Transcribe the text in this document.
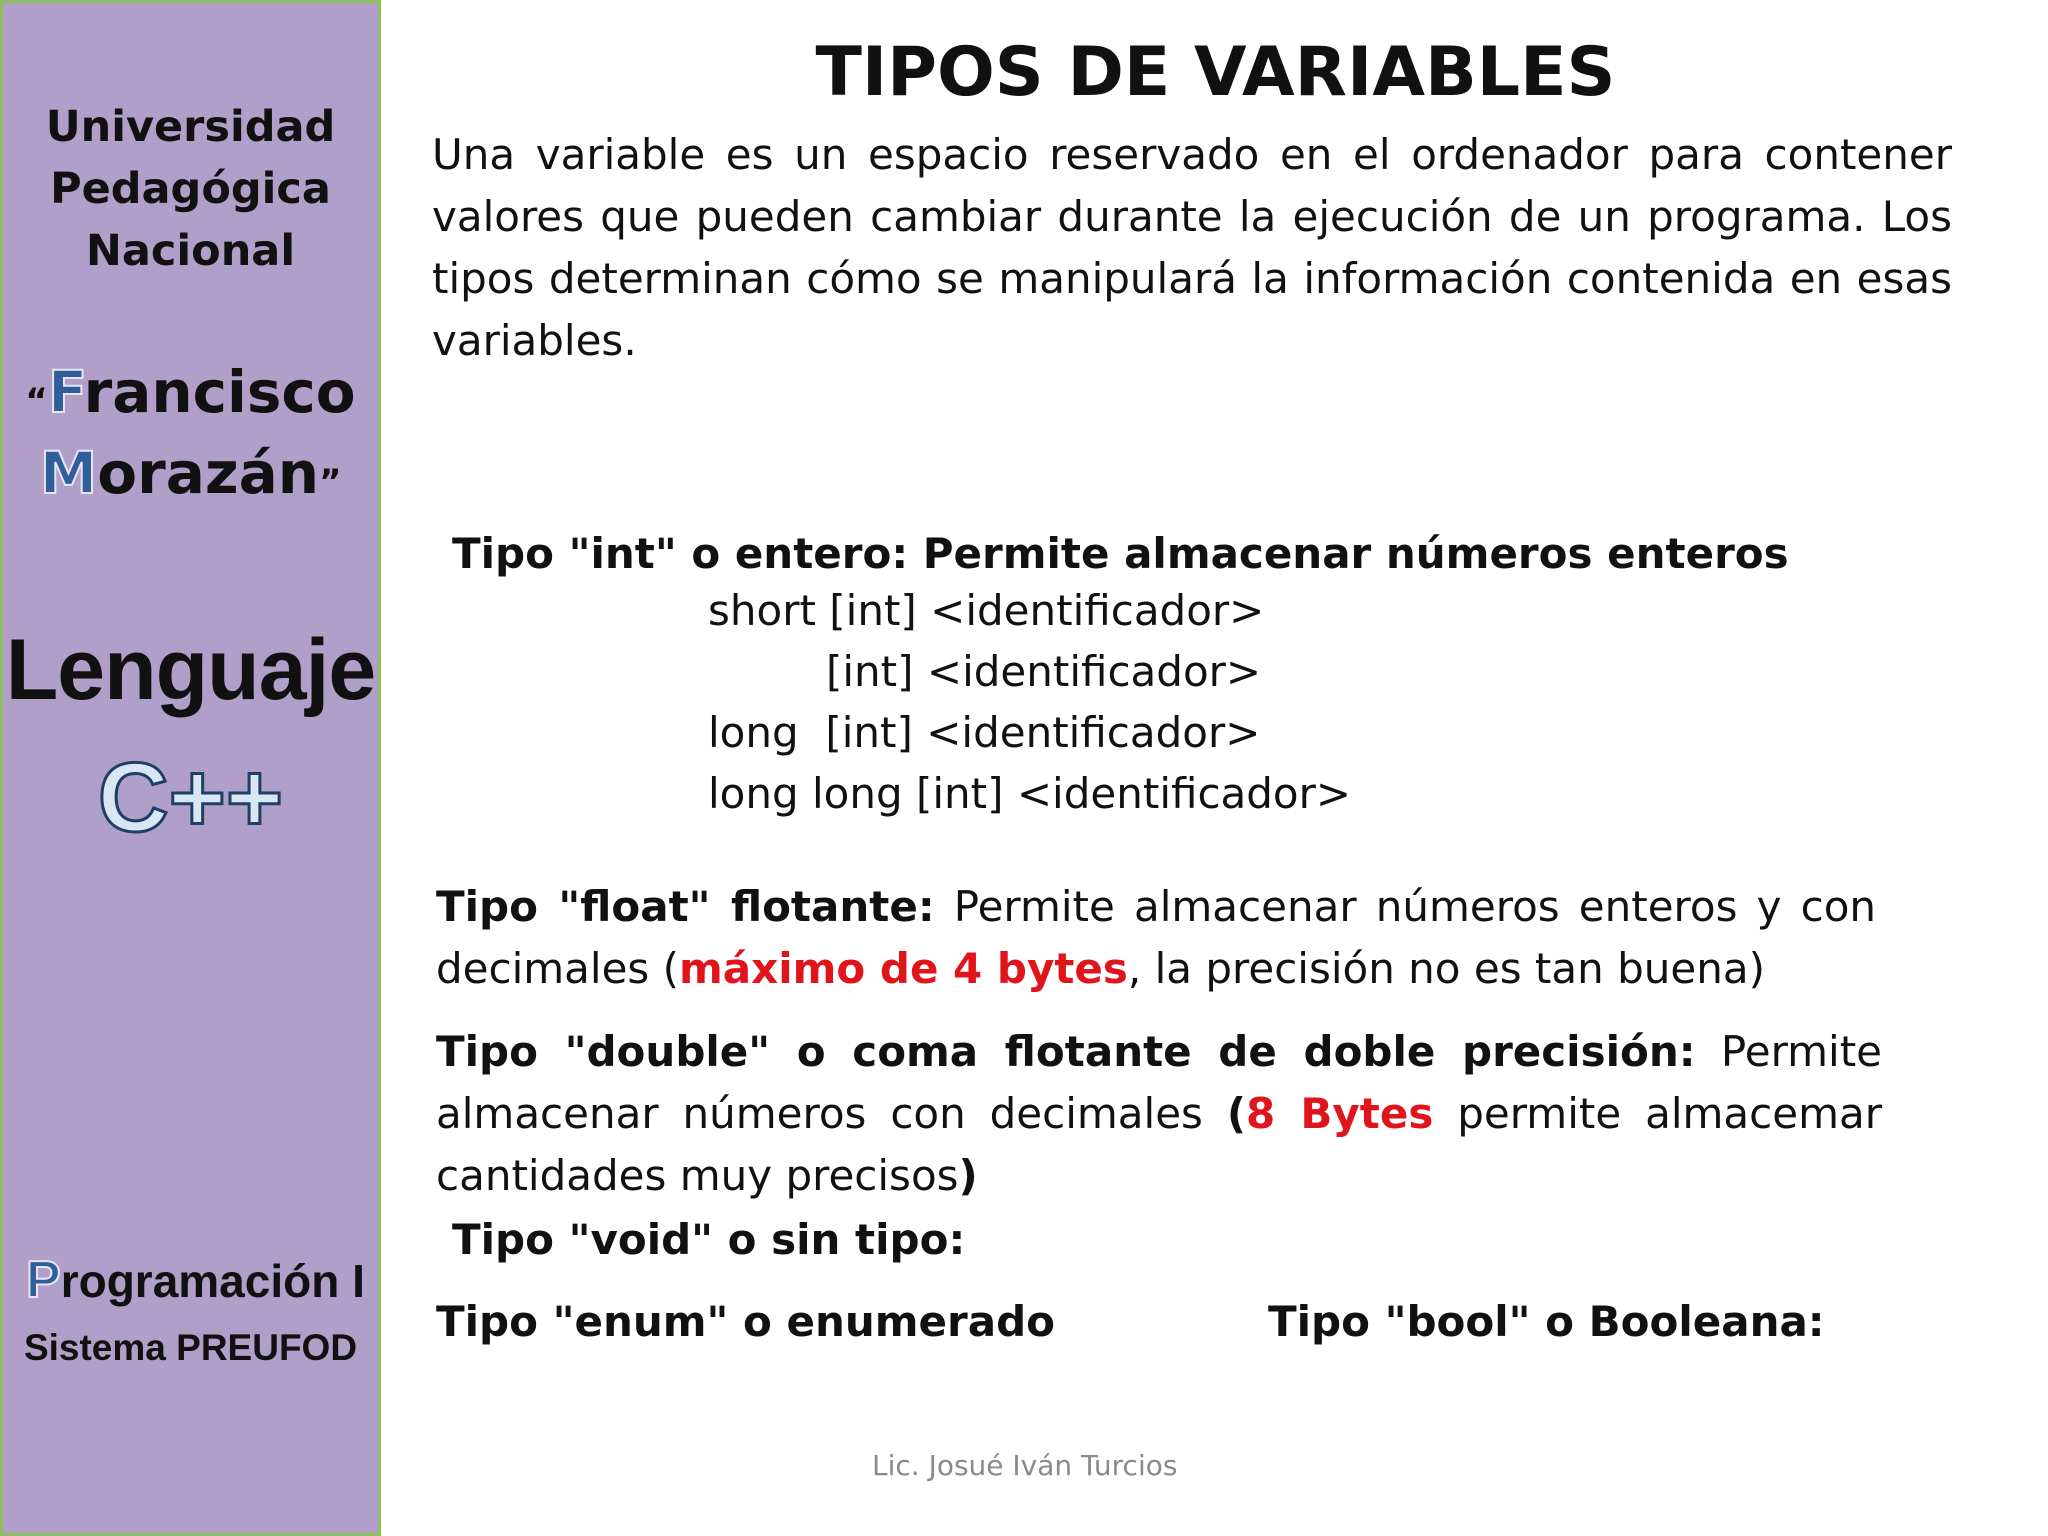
Universidad
Pedagógica
Nacional
“Francisco
Morazán”
Lenguaje
C++
Programación I
Sistema PREUFOD
TIPOS DE VARIABLES
Una variable es un espacio reservado en el ordenador para contener valores que pueden cambiar durante la ejecución de un programa. Los tipos determinan cómo se manipulará la información contenida en esas variables.
Tipo "int" o entero: Permite almacenar números enteros
short [int] <identificador>
[int] <identificador>
long  [int] <identificador>
long long [int] <identificador>
Tipo "float" flotante: Permite almacenar números enteros y con decimales (máximo de 4 bytes, la precisión no es tan buena)
Tipo "double" o coma flotante de doble precisión: Permite almacenar números con decimales (8 Bytes permite almacemar cantidades muy precisos)
Tipo "void" o sin tipo:
Tipo "enum" o enumerado	Tipo "bool" o Booleana:
Lic. Josué Iván Turcios
